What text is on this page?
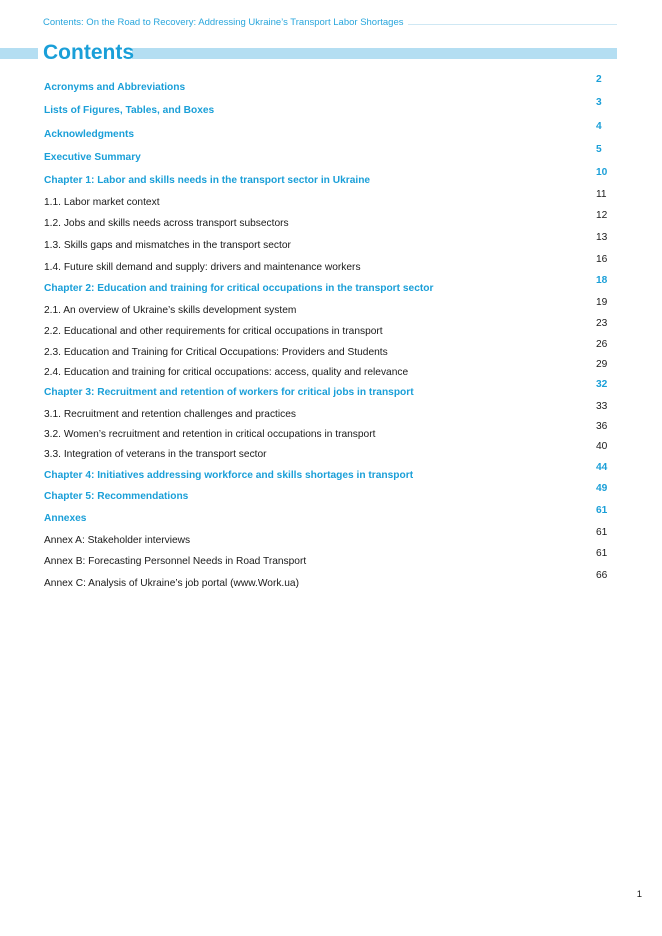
Contents: On the Road to Recovery: Addressing Ukraine’s Transport Labor Shortages
Contents
Acronyms and Abbreviations
2
Lists of Figures, Tables, and Boxes
3
Acknowledgments
4
Executive Summary
5
Chapter 1: Labor and skills needs in the transport sector in Ukraine
10
1.1. Labor market context
11
1.2. Jobs and skills needs across transport subsectors
12
1.3. Skills gaps and mismatches in the transport sector
13
1.4. Future skill demand and supply: drivers and maintenance workers
16
Chapter 2: Education and training for critical occupations in the transport sector
18
2.1. An overview of Ukraine’s skills development system
19
2.2. Educational and other requirements for critical occupations in transport
23
2.3. Education and Training for Critical Occupations: Providers and Students
26
2.4. Education and training for critical occupations: access, quality and relevance
29
Chapter 3: Recruitment and retention of workers for critical jobs in transport
32
3.1. Recruitment and retention challenges and practices
33
3.2. Women’s recruitment and retention in critical occupations in transport
36
3.3. Integration of veterans in the transport sector
40
Chapter 4: Initiatives addressing workforce and skills shortages in transport
44
Chapter 5: Recommendations
49
Annexes
61
Annex A: Stakeholder interviews
61
Annex B: Forecasting Personnel Needs in Road Transport
61
Annex C: Analysis of Ukraine’s job portal (www.Work.ua)
66
1
